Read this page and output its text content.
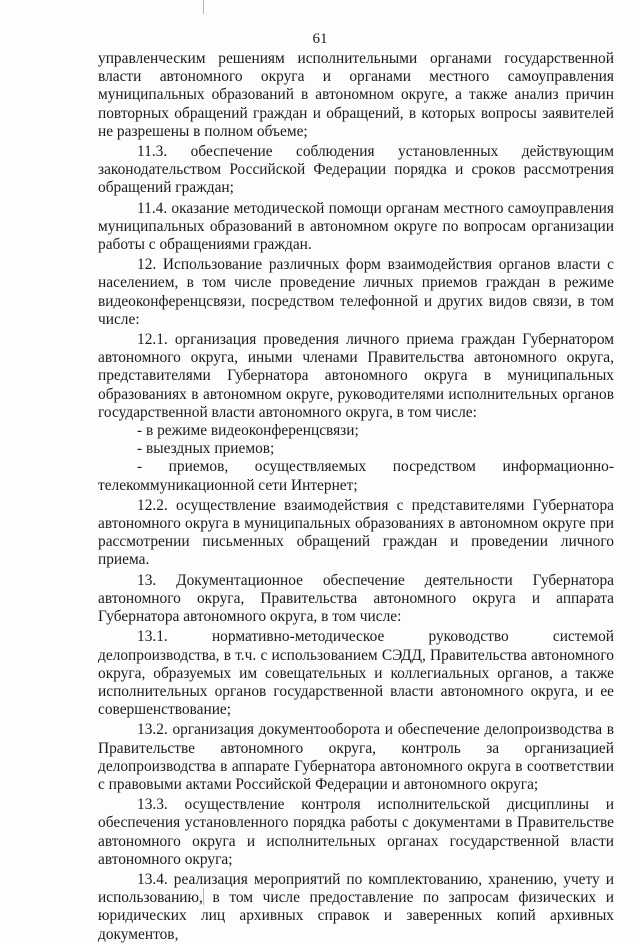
61

управленческим решениям исполнительными органами государственной власти автономного округа и органами местного самоуправления муниципальных образований в автономном округе, а также анализ причин повторных обращений граждан и обращений, в которых вопросы заявителей не разрешены в полном объеме;

11.3. обеспечение соблюдения установленных действующим законодательством Российской Федерации порядка и сроков рассмотрения обращений граждан;

11.4. оказание методической помощи органам местного самоуправления муниципальных образований в автономном округе по вопросам организации работы с обращениями граждан.

12. Использование различных форм взаимодействия органов власти с населением, в том числе проведение личных приемов граждан в режиме видеоконференцсвязи, посредством телефонной и других видов связи, в том числе:

12.1. организация проведения личного приема граждан Губернатором автономного округа, иными членами Правительства автономного округа, представителями Губернатора автономного округа в муниципальных образованиях в автономном округе, руководителями исполнительных органов государственной власти автономного округа, в том числе:

- в режиме видеоконференцсвязи;

- выездных приемов;

- приемов, осуществляемых посредством информационно-телекоммуникационной сети Интернет;

12.2. осуществление взаимодействия с представителями Губернатора автономного округа в муниципальных образованиях в автономном округе при рассмотрении письменных обращений граждан и проведении личного приема.

13. Документационное обеспечение деятельности Губернатора автономного округа, Правительства автономного округа и аппарата Губернатора автономного округа, в том числе:

13.1. нормативно-методическое руководство системой делопроизводства, в т.ч. с использованием СЭДД, Правительства автономного округа, образуемых им совещательных и коллегиальных органов, а также исполнительных органов государственной власти автономного округа, и ее совершенствование;

13.2. организация документооборота и обеспечение делопроизводства в Правительстве автономного округа, контроль за организацией делопроизводства в аппарате Губернатора автономного округа в соответствии с правовыми актами Российской Федерации и автономного округа;

13.3. осуществление контроля исполнительской дисциплины и обеспечения установленного порядка работы с документами в Правительстве автономного округа и исполнительных органах государственной власти автономного округа;

13.4. реализация мероприятий по комплектованию, хранению, учету и использованию, в том числе предоставление по запросам физических и юридических лиц архивных справок и заверенных копий архивных документов,
